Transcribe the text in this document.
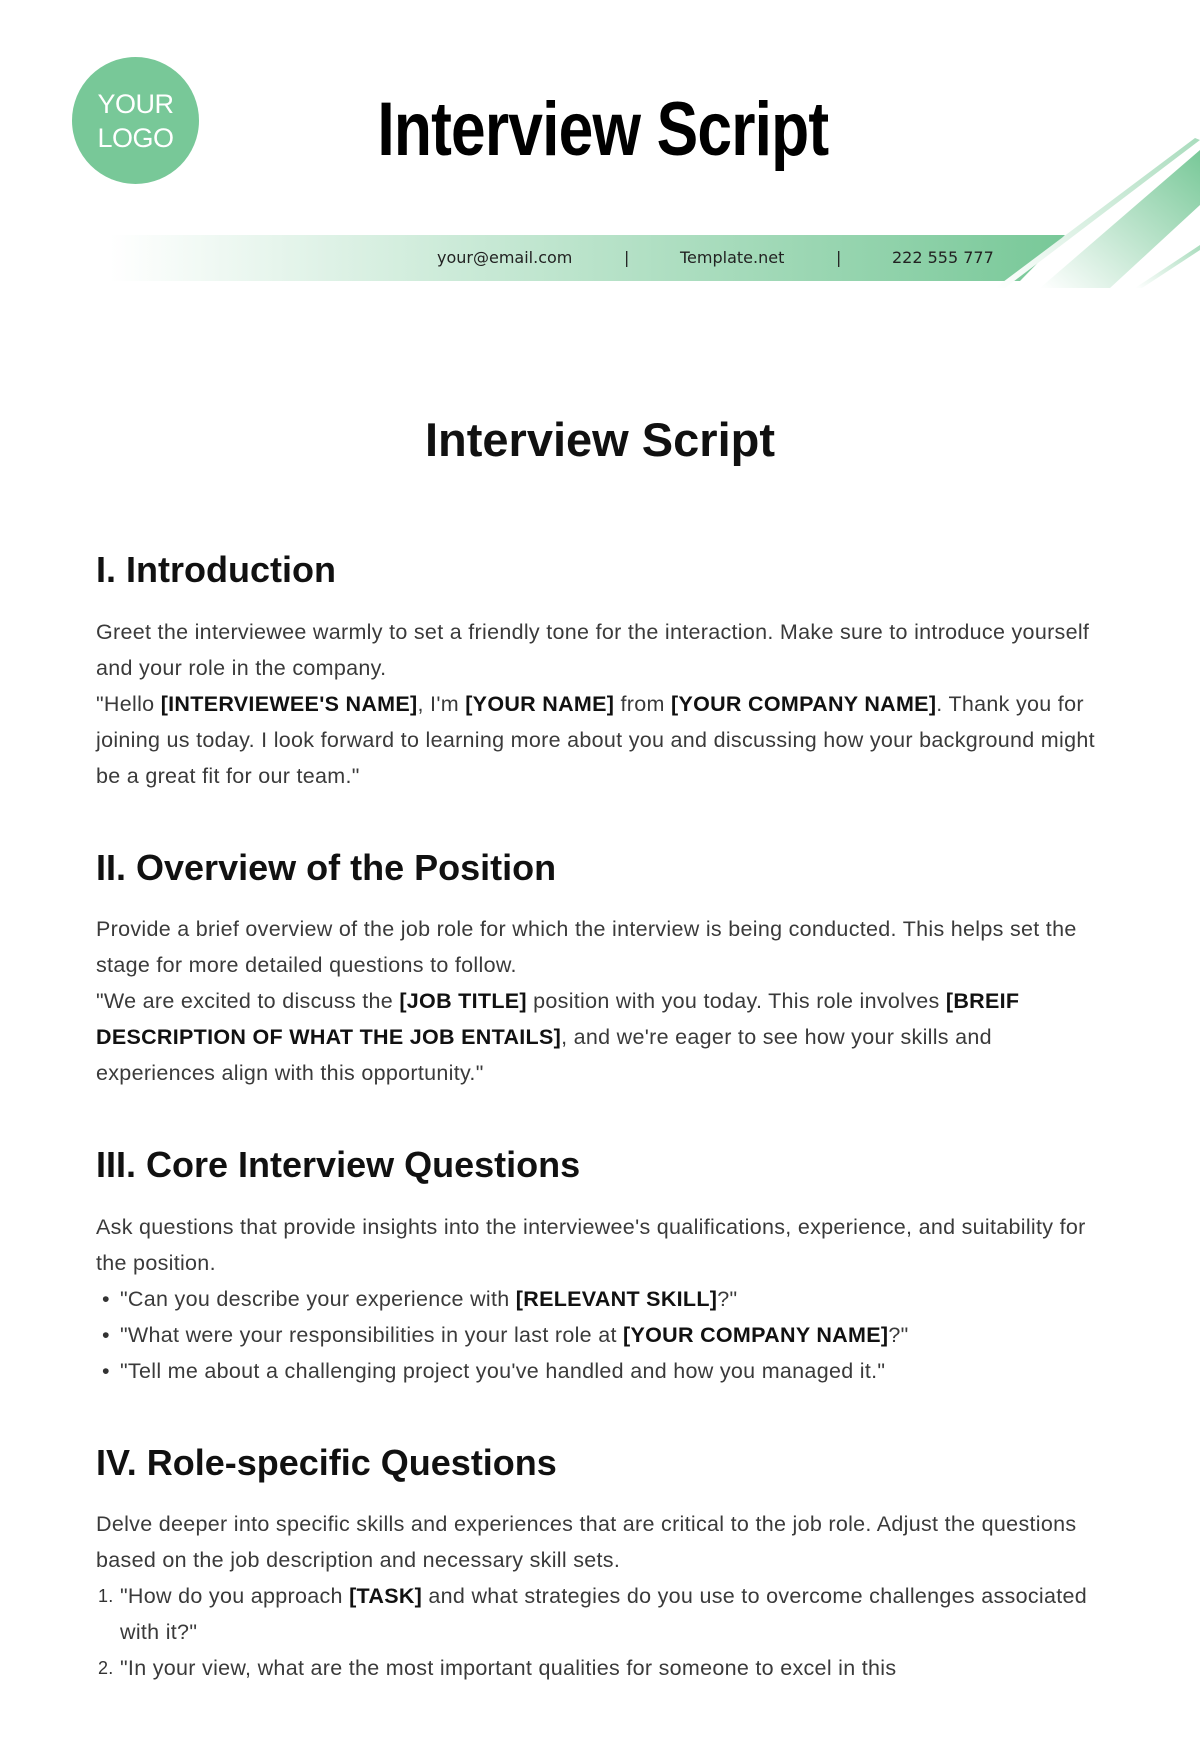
YOUR
LOGO	Interview Script
your@email.com	|	Template.net	|	222 555 777
Interview Script
I. Introduction

Greet the interviewee warmly to set a friendly tone for the interaction. Make sure to introduce yourself and your role in the company.

"Hello [INTERVIEWEE'S NAME], I'm [YOUR NAME] from [YOUR COMPANY NAME]. Thank you for joining us today. I look forward to learning more about you and discussing how your background might be a great fit for our team."

II. Overview of the Position

Provide a brief overview of the job role for which the interview is being conducted. This helps set the stage for more detailed questions to follow.

"We are excited to discuss the [JOB TITLE] position with you today. This role involves [BREIF DESCRIPTION OF WHAT THE JOB ENTAILS], and we're eager to see how your skills and experiences align with this opportunity."

III. Core Interview Questions

Ask questions that provide insights into the interviewee's qualifications, experience, and suitability for the position.

• "Can you describe your experience with [RELEVANT SKILL]?"
• "What were your responsibilities in your last role at [YOUR COMPANY NAME]?"
• "Tell me about a challenging project you've handled and how you managed it."
IV. Role-specific Questions

Delve deeper into specific skills and experiences that are critical to the job role. Adjust the questions based on the job description and necessary skill sets.

1. "How do you approach [TASK] and what strategies do you use to overcome challenges associated with it?"
2. "In your view, what are the most important qualities for someone to excel in this
